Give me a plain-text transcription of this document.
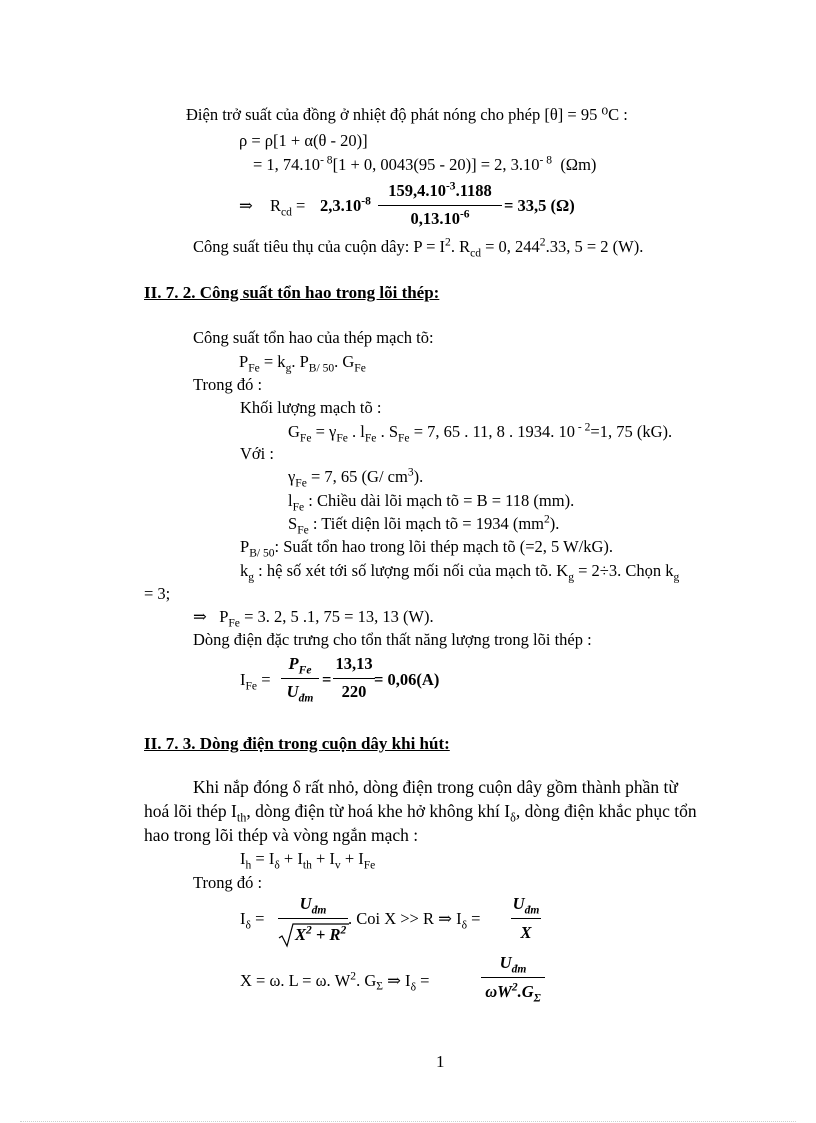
Điện trở suất của đồng ở nhiệt độ phát nóng cho phép [θ] = 95 ⁰C :
ρ = ρ[1 + α(θ - 20)]
= 1, $74.10^{- 8}[1 + 0$, 0043(95 - 20)] = 2, $3.10^{- 8}$ (Ωm)
⇒ $R_{cd} = 2,3.10^{-8}$
$159,4.10^{-3}.1188$
$0,13.10^{-6}$	= 33,5 (Ω)
Công suất tiêu thụ của cuộn dây: $P = I^2$. $R_{cd} = 0$, $244^2.33$, 5 = 2 (W).
II. 7. 2. Công suất tổn hao trong lõi thép:
Công suất tổn hao của thép mạch tõ:
$P_{Fe} = k_g$. $P_{B/ 50}$. $G_{Fe}$
Trong đó :
Khối lượng mạch tõ :
$G_{Fe} = \gamma_{Fe}$ . $l_{Fe}$ . $S_{Fe} = 7$, 65 . 11, 8 . 1934. 10 $^{- 2}$=1, 75 (kG).
Với :
$\gamma_{Fe} = 7$, 65 (G/ $cm^3$).
$l_{Fe}$ : Chiều dài lõi mạch tõ = B = 118 (mm).
$S_{Fe}$ : Tiết diện lõi mạch tõ = 1934 $(mm^2)$.
$P_{B/ 50}$: Suất tổn hao trong lõi thép mạch tõ (=2, 5 W/kG).
$k_g$ : hệ số xét tới số lượng mối nối của mạch tõ. $K_g = 2\div 3$. Chọn $k_g$
= 3;
⇒ $P_{Fe} = 3$. 2, 5 .1, 75 = 13, 13 (W).
Dòng điện đặc trưng cho tổn thất năng lượng trong lõi thép :
$I_{Fe}$ =
$P_{Fe}$
$U_{đm}$
=
13,13
220
= 0,06(A)
II. 7. 3. Dòng điện trong cuộn dây khi hút:
Khi nắp đóng δ rất nhỏ, dòng điện trong cuộn dây gồm thành phần từ
hoá lõi thép $I_{th}$, dòng điện từ hoá khe hở không khí $I_\delta$, dòng điện khắc phục tổn
hao trong lõi thép và vòng ngắn mạch :
$I_h = I_\delta + I_{th} + I_v + I_{Fe}$
Trong đó :
$I_\delta$ =
$U_{đm}$
$X^2 + R^2$
. Coi X >> R ⇒ $I_\delta$ =
$U_{đm}$
X
X = ω. L = ω. $W^2$. $G_\Sigma$ ⇒ $I_\delta$ =
$U_{đm}$
$\omega W^2.G_\Sigma$
1
